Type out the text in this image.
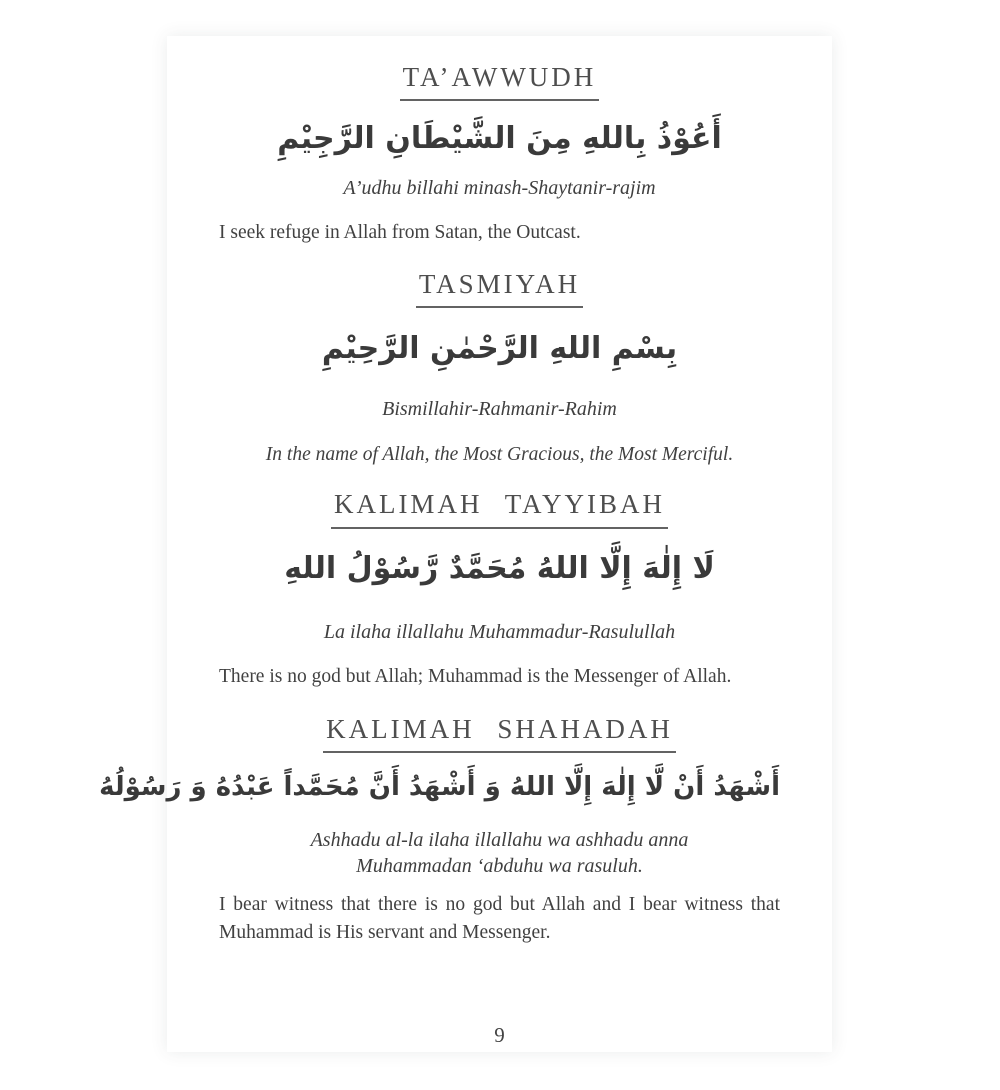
TA’AWWUDH
أَعُوْذُ بِاللهِ مِنَ الشَّيْطَانِ الرَّجِيْمِ
A’udhu billahi minash-Shaytanir-rajim

I seek refuge in Allah from Satan, the Outcast.

TASMIYAH
بِسْمِ اللهِ الرَّحْمٰنِ الرَّحِيْمِ
Bismillahir-Rahmanir-Rahim

In the name of Allah, the Most Gracious, the Most Merciful.

KALIMAH TAYYIBAH
لَا إِلٰهَ إِلَّا اللهُ مُحَمَّدٌ رَّسُوْلُ اللهِ
La ilaha illallahu Muhammadur-Rasulullah

There is no god but Allah; Muhammad is the Messenger of Allah.

KALIMAH SHAHADAH
أَشْهَدُ أَنْ لَّا إِلٰهَ إِلَّا اللهُ وَ أَشْهَدُ أَنَّ مُحَمَّداً عَبْدُهُ وَ رَسُوْلُهُ
Ashhadu al-la ilaha illallahu wa ashhadu anna
Muhammadan ‘abduhu wa rasuluh.

I bear witness that there is no god but Allah and I bear witness that Muhammad is His servant and Messenger.

9
